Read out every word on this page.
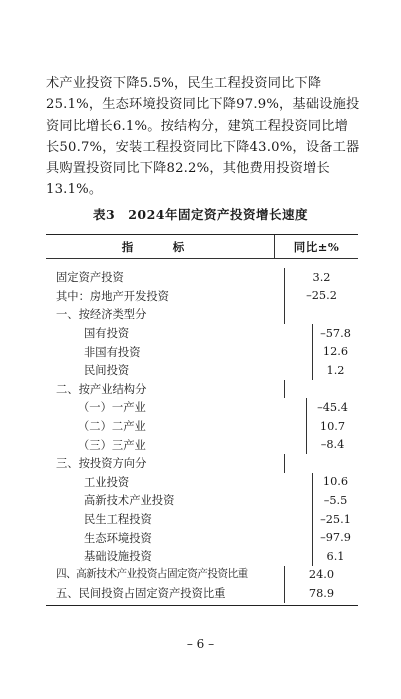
术产业投资下降5.5%，民生工程投资同比下降
25.1%，生态环境投资同比下降97.9%，基础设施投
资同比增长6.1%。按结构分，建筑工程投资同比增
长50.7%，安装工程投资同比下降43.0%，设备工器
具购置投资同比下降82.2%，其他费用投资增长
13.1%。
表3　2024年固定资产投资增长速度
指　标	同比±%
固定资产投资	3.2
其中：房地产开发投资	–25.2
一、按经济类型分
国有投资	–57.8
非国有投资	12.6
民间投资	1.2
二、按产业结构分
（一）一产业	–45.4
（二）二产业	10.7
（三）三产业	–8.4
三、按投资方向分
工业投资	10.6
高新技术产业投资	–5.5
民生工程投资	–25.1
生态环境投资	–97.9
基础设施投资	6.1
四、高新技术产业投资占固定资产投资比重	24.0
五、民间投资占固定资产投资比重	78.9
– 6 –
